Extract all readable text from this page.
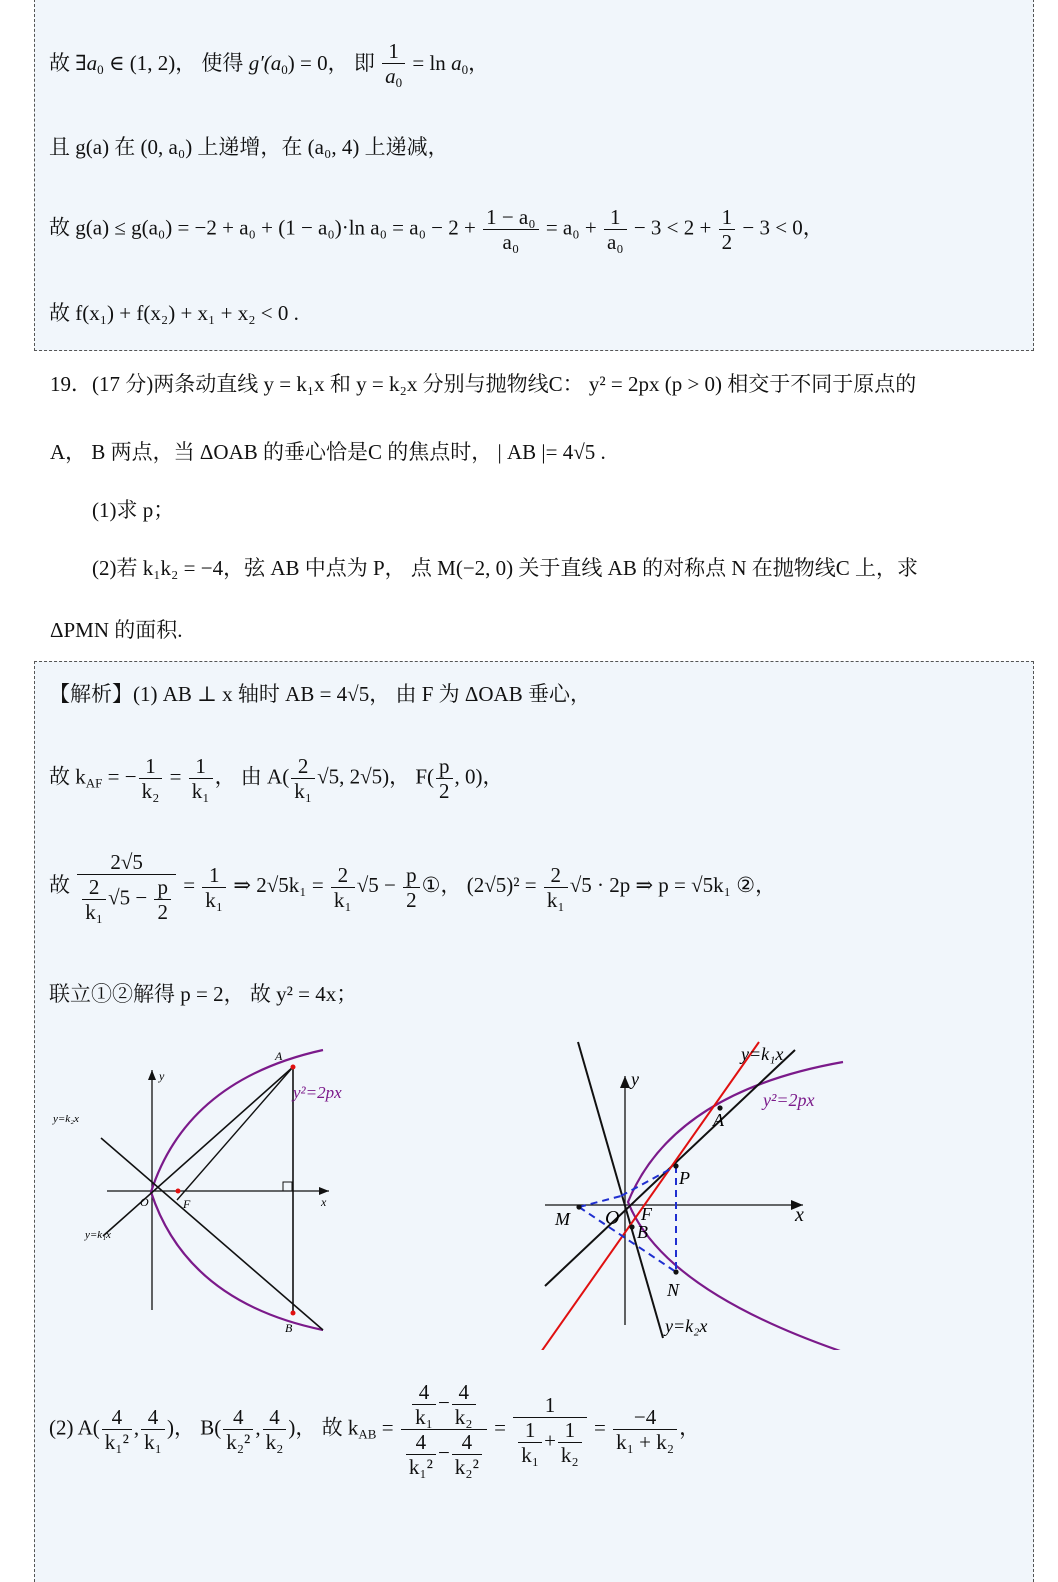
故 $\exists a_0$ ∈ (1, 2)， 使得 $g'(a_0) = 0$， 即 $\frac{1}{a_0} = \ln a_0$，
且 g(a) 在 (0, a₀) 上递增，在 (a₀, 4) 上递减，
故 g(a) ≤ g(a₀) = −2 + a₀ + (1 − a₀)·ln $a_0 = a_0 - 2 + \frac{\text{1 − a₀}}{\text{a₀}} = a_0 + \frac{1}{\text{a₀}} - 3 < 2 + \frac{1}{2} - 3 < 0$，
故 f(x₁) + f(x₂) + x₁ + x₂ < 0 .
19．(17 分)两条动直线 y = k₁x 和 y = k₂x 分别与抛物线C： y² = 2px (p > 0) 相交于不同于原点的
A， B 两点，当 ΔOAB 的垂心恰是C 的焦点时， | AB |= 4√5 .
(1)求 p；
(2)若 k₁k₂ = −4，弦 AB 中点为 P， 点 M(−2, 0) 关于直线 AB 的对称点 N 在抛物线C 上，求
ΔPMN 的面积.
【解析】(1) AB ⊥ x 轴时 AB = 4√5， 由 F 为 ΔOAB 垂心，
故 $k_{AF}$ = − $\frac{1}{\text{k₂}} = \frac{1}{\text{k₁}}$ ， 由 $A( \frac{2}{\text{k₁}} √5$, 2√5)， $F( \frac{p}{2}$ , 0)，
故 $\frac{2√5}{\frac{2}{\text{k₁}} √5 - \frac{p}{2}} = \frac{1}{\text{k₁}}$ ⇒ $2√5k_1 = \frac{2}{\text{k₁}} √5 - \frac{p}{2}$ ①， $(2√5)^2 = \frac{2}{\text{k₁}} √5 \cdot 2p$ ⇒ p = √5k₁ ②，
联立①②解得 p = 2， 故 y² = 4x；
A
B
O	F	x
y
y=k₂x
y=k₁x
y²=2px
y=k₁x
y²=2px
A
P
y
x
M O F
B
N
y=k₂x
(2) $A( \frac{4}{\text{k₁²}}$ , $\frac{4}{\text{k₁}}$ )， $B( \frac{4}{\text{k₂²}}$ , $\frac{4}{\text{k₂}}$ )， 故 $k_{AB} = \frac{\frac{4}{\text{k₁}} - \frac{4}{\text{k₂}}}{\frac{4}{\text{k₁²}} - \frac{4}{\text{k₂²}}} = \frac{1}{\frac{1}{\text{k₁}} + \frac{1}{\text{k₂}}} = \frac{-4}{\text{k₁ + k₂}}$ ，
